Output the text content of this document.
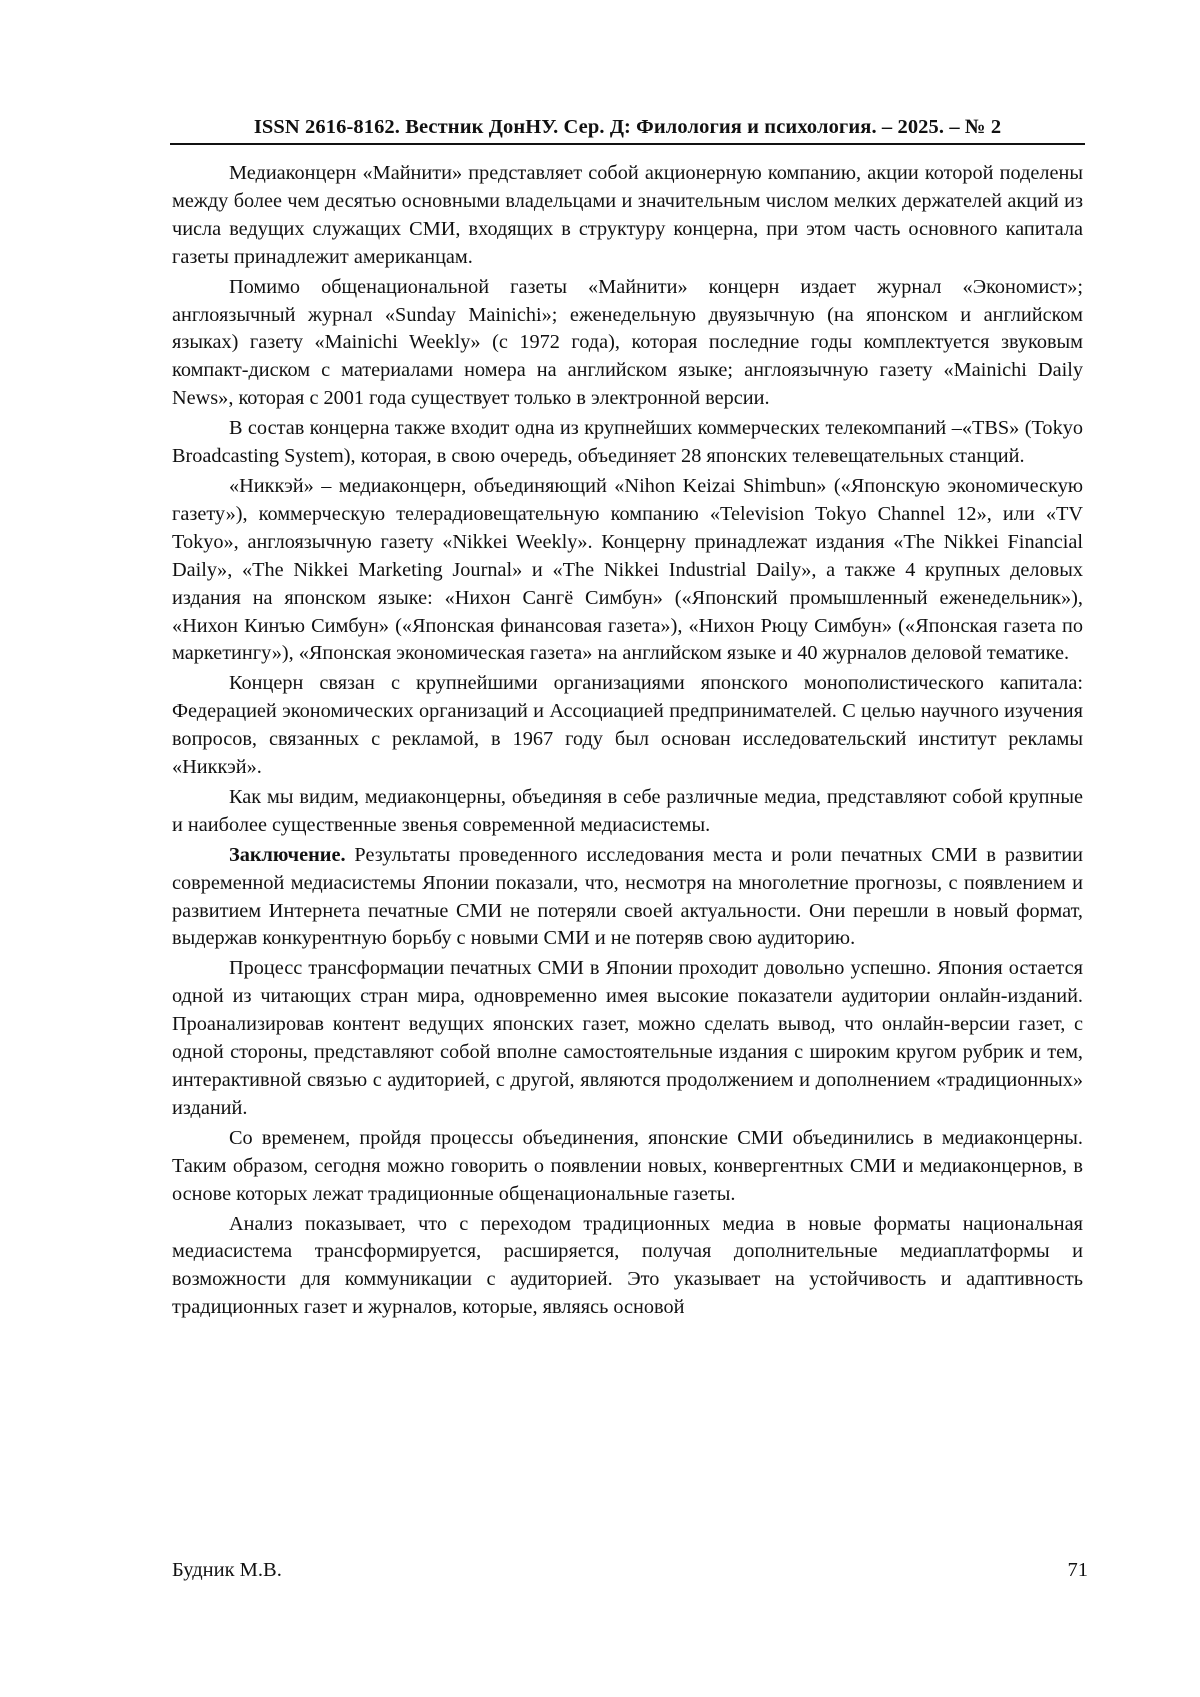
ISSN 2616-8162. Вестник ДонНУ. Сер. Д: Филология и психология. – 2025. – № 2

Медиаконцерн «Майнити» представляет собой акционерную компанию, акции которой поделены между более чем десятью основными владельцами и значительным числом мелких держателей акций из числа ведущих служащих СМИ, входящих в структуру концерна, при этом часть основного капитала газеты принадлежит американцам.

Помимо общенациональной газеты «Майнити» концерн издает журнал «Экономист»; англоязычный журнал «Sunday Mainichi»; еженедельную двуязычную (на японском и английском языках) газету «Mainichi Weekly» (с 1972 года), которая последние годы комплектуется звуковым компакт-диском с материалами номера на английском языке; англоязычную газету «Mainichi Daily News», которая с 2001 года существует только в электронной версии.

В состав концерна также входит одна из крупнейших коммерческих телекомпаний –«TBS» (Tokyo Broadcasting System), которая, в свою очередь, объединяет 28 японских телевещательных станций.

«Никкэй» – медиаконцерн, объединяющий «Nihon Keizai Shimbun» («Японскую экономическую газету»), коммерческую телерадиовещательную компанию «Television Tokyo Channel 12», или «TV Tokyo», англоязычную газету «Nikkei Weekly». Концерну принадлежат издания «The Nikkei Financial Daily», «The Nikkei Marketing Journal» и «The Nikkei Industrial Daily», а также 4 крупных деловых издания на японском языке: «Нихон Сангё Симбун» («Японский промышленный еженедельник»), «Нихон Кинъю Симбун» («Японская финансовая газета»), «Нихон Рюцу Симбун» («Японская газета по маркетингу»), «Японская экономическая газета» на английском языке и 40 журналов деловой тематике.

Концерн связан с крупнейшими организациями японского монополистического капитала: Федерацией экономических организаций и Ассоциацией предпринимателей. С целью научного изучения вопросов, связанных с рекламой, в 1967 году был основан исследовательский институт рекламы «Никкэй».

Как мы видим, медиаконцерны, объединяя в себе различные медиа, представляют собой крупные и наиболее существенные звенья современной медиасистемы.

Заключение. Результаты проведенного исследования места и роли печатных СМИ в развитии современной медиасистемы Японии показали, что, несмотря на многолетние прогнозы, с появлением и развитием Интернета печатные СМИ не потеряли своей актуальности. Они перешли в новый формат, выдержав конкурентную борьбу с новыми СМИ и не потеряв свою аудиторию.

Процесс трансформации печатных СМИ в Японии проходит довольно успешно. Япония остается одной из читающих стран мира, одновременно имея высокие показатели аудитории онлайн-изданий. Проанализировав контент ведущих японских газет, можно сделать вывод, что онлайн-версии газет, с одной стороны, представляют собой вполне самостоятельные издания с широким кругом рубрик и тем, интерактивной связью с аудиторией, с другой, являются продолжением и дополнением «традиционных» изданий.

Со временем, пройдя процессы объединения, японские СМИ объединились в медиаконцерны. Таким образом, сегодня можно говорить о появлении новых, конвергентных СМИ и медиаконцернов, в основе которых лежат традиционные общенациональные газеты.

Анализ показывает, что с переходом традиционных медиа в новые форматы национальная медиасистема трансформируется, расширяется, получая дополнительные медиаплатформы и возможности для коммуникации с аудиторией. Это указывает на устойчивость и адаптивность традиционных газет и журналов, которые, являясь основой

Будник М.В.	71
